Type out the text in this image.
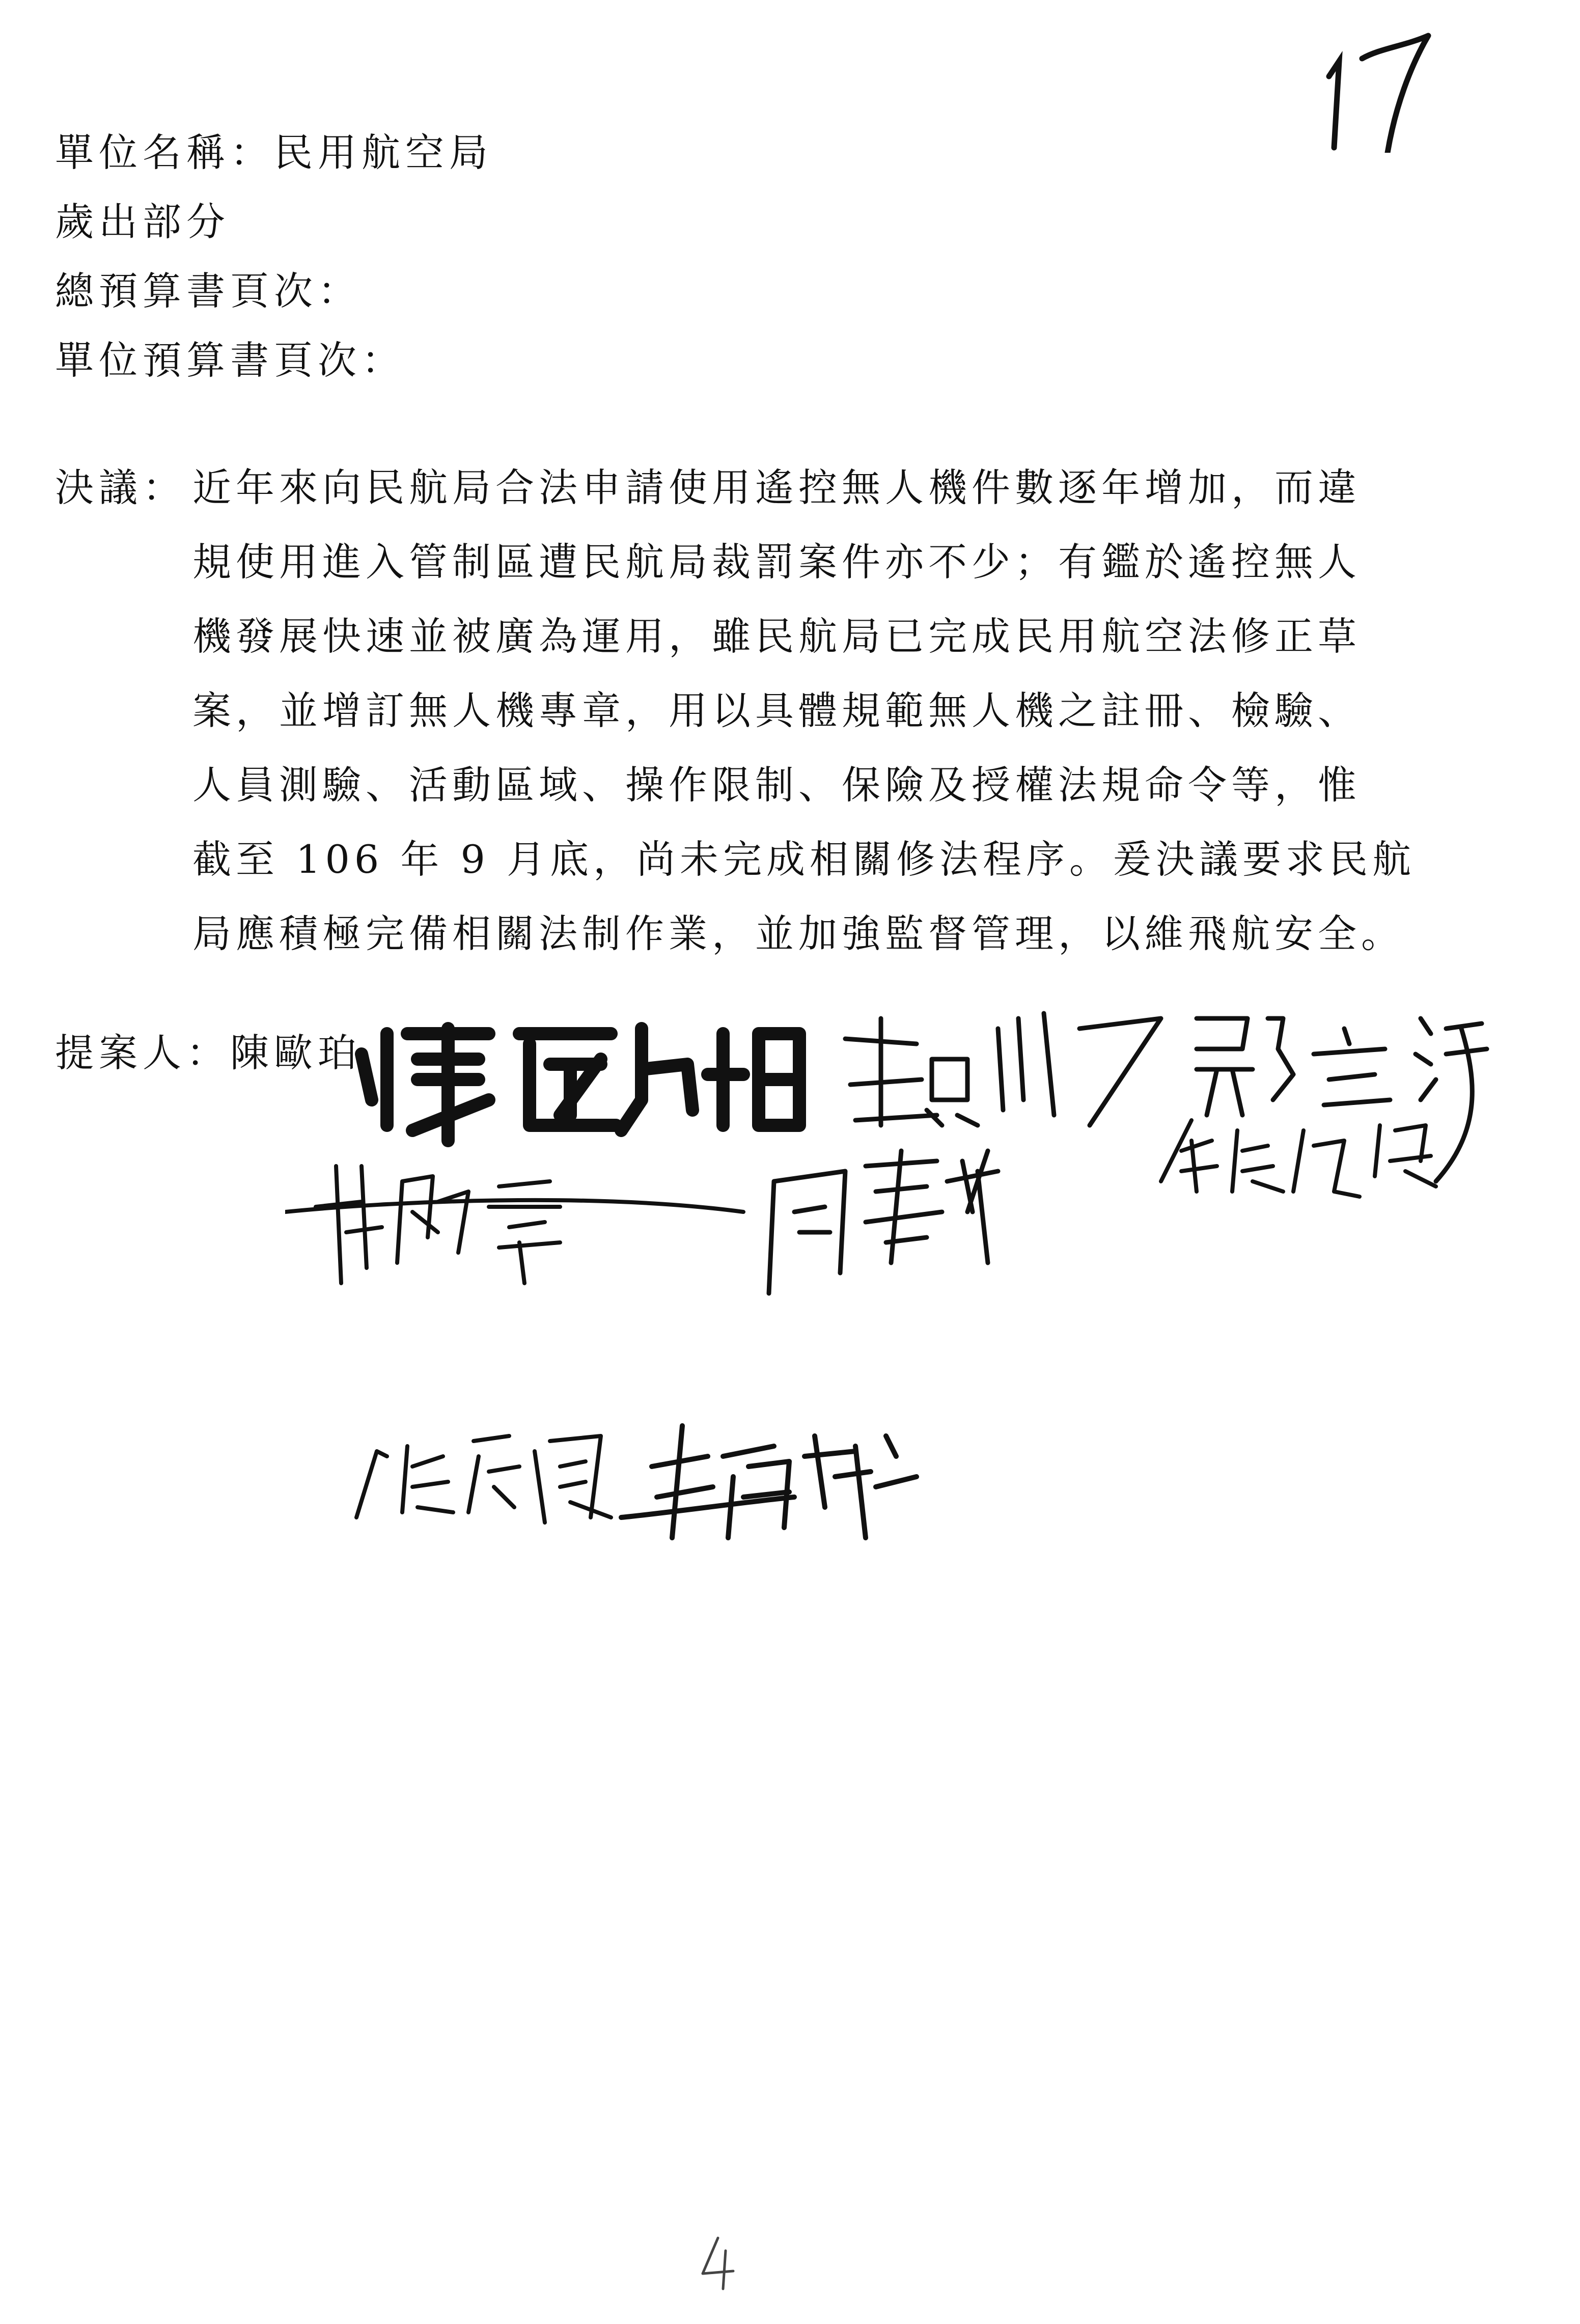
單位名稱：民用航空局
歲出部分
總預算書頁次：
單位預算書頁次：
決議： 近年來向民航局合法申請使用遙控無人機件數逐年增加，而違
規使用進入管制區遭民航局裁罰案件亦不少；有鑑於遙控無人
機發展快速並被廣為運用，雖民航局已完成民用航空法修正草
案，並增訂無人機專章，用以具體規範無人機之註冊、檢驗、
人員測驗、活動區域、操作限制、保險及授權法規命令等，惟
截至 106 年 9 月底，尚未完成相關修法程序。爰決議要求民航
局應積極完備相關法制作業，並加強監督管理，以維飛航安全。
提案人：陳歐珀
